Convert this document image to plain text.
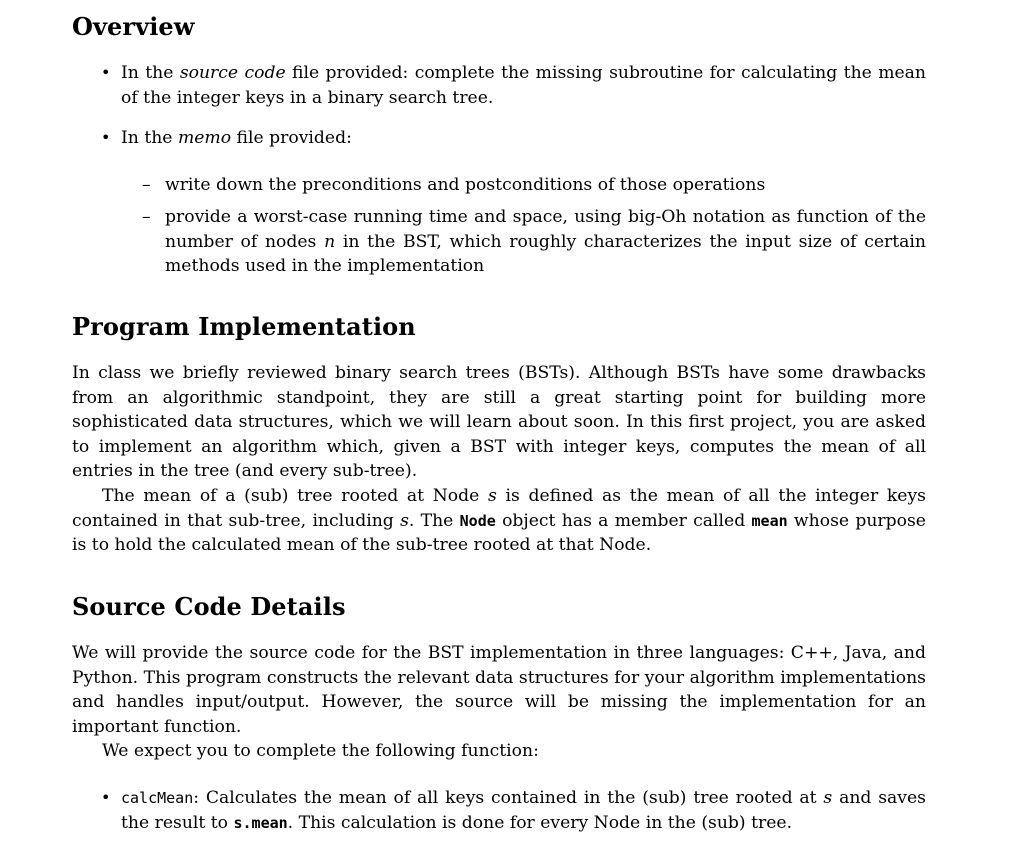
Overview
• In the source code file provided: complete the missing subroutine for calculating the mean of the integer keys in a binary search tree.
• In the memo file provided:
– write down the preconditions and postconditions of those operations
– provide a worst-case running time and space, using big-Oh notation as function of the number of nodes n in the BST, which roughly characterizes the input size of certain methods used in the implementation
Program Implementation

In class we briefly reviewed binary search trees (BSTs). Although BSTs have some drawbacks from an algorithmic standpoint, they are still a great starting point for building more sophisticated data structures, which we will learn about soon. In this first project, you are asked to implement an algorithm which, given a BST with integer keys, computes the mean of all entries in the tree (and every sub-tree).

The mean of a (sub) tree rooted at Node s is defined as the mean of all the integer keys contained in that sub-tree, including s. The Node object has a member called mean whose purpose is to hold the calculated mean of the sub-tree rooted at that Node.

Source Code Details

We will provide the source code for the BST implementation in three languages: C++, Java, and Python. This program constructs the relevant data structures for your algorithm implementations and handles input/output. However, the source will be missing the implementation for an important function.

We expect you to complete the following function:

• calcMean: Calculates the mean of all keys contained in the (sub) tree rooted at s and saves the result to s.mean. This calculation is done for every Node in the (sub) tree.
